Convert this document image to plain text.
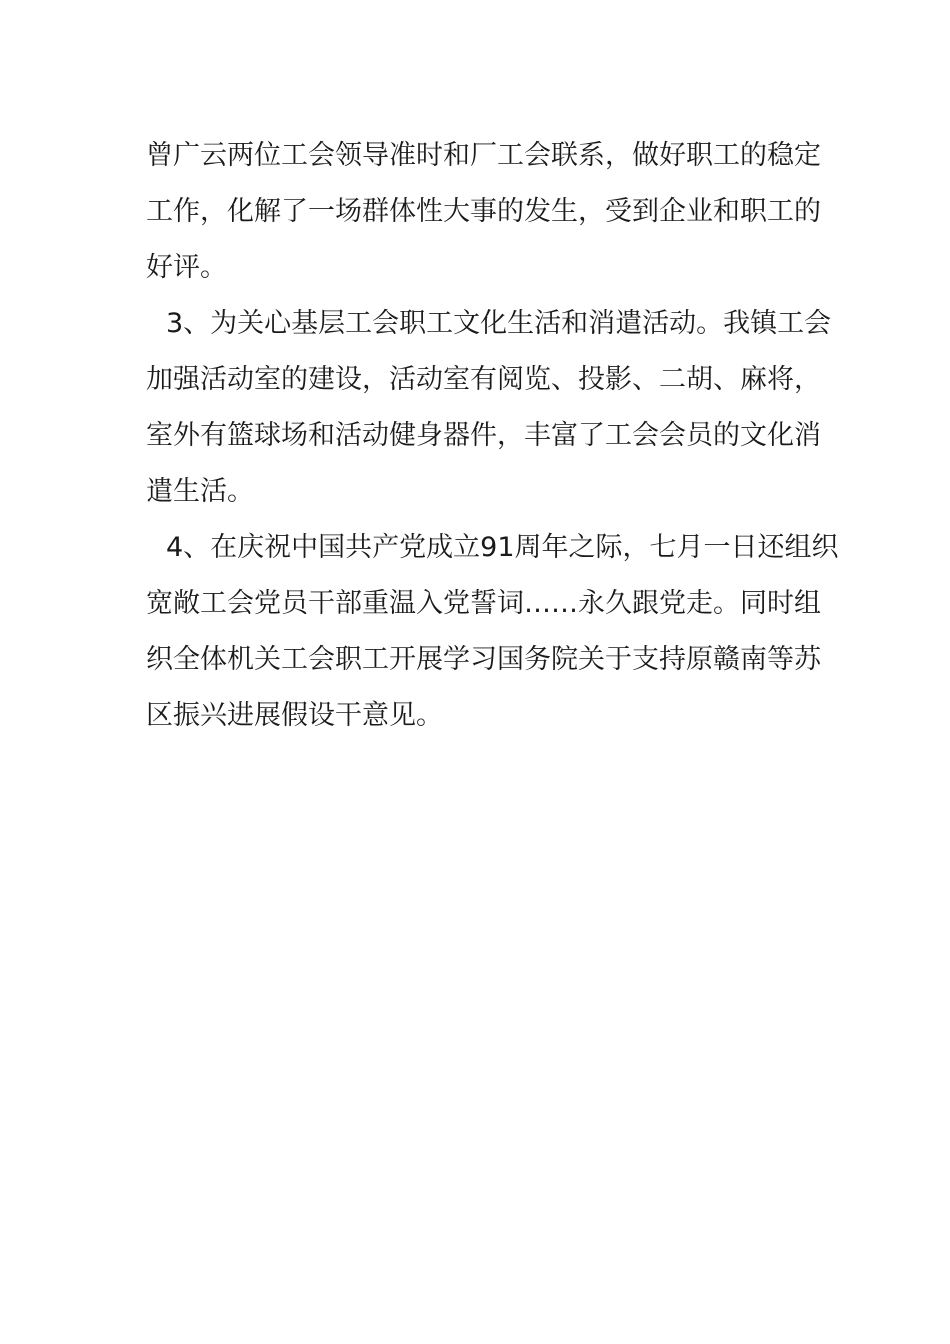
曾广云两位工会领导准时和厂工会联系，做好职工的稳定
工作，化解了一场群体性大事的发生，受到企业和职工的
好评。
3、为关心基层工会职工文化生活和消遣活动。我镇工会
加强活动室的建设，活动室有阅览、投影、二胡、麻将，
室外有篮球场和活动健身器件，丰富了工会会员的文化消
遣生活。
4、在庆祝中国共产党成立91周年之际，七月一日还组织
宽敞工会党员干部重温入党誓词……永久跟党走。同时组
织全体机关工会职工开展学习国务院关于支持原赣南等苏
区振兴进展假设干意见。
